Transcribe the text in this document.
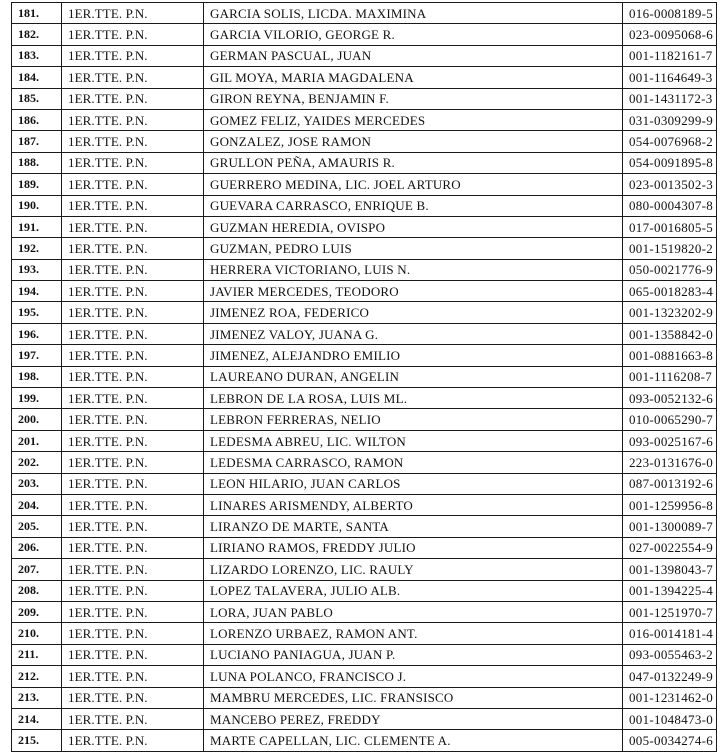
181.	1ER.TTE. P.N.	GARCIA SOLIS, LICDA. MAXIMINA	016-0008189-5
182.	1ER.TTE. P.N.	GARCIA VILORIO, GEORGE R.	023-0095068-6
183.	1ER.TTE. P.N.	GERMAN PASCUAL, JUAN	001-1182161-7
184.	1ER.TTE. P.N.	GIL MOYA, MARIA MAGDALENA	001-1164649-3
185.	1ER.TTE. P.N.	GIRON REYNA, BENJAMIN F.	001-1431172-3
186.	1ER.TTE. P.N.	GOMEZ FELIZ, YAIDES MERCEDES	031-0309299-9
187.	1ER.TTE. P.N.	GONZALEZ, JOSE RAMON	054-0076968-2
188.	1ER.TTE. P.N.	GRULLON PEÑA, AMAURIS R.	054-0091895-8
189.	1ER.TTE. P.N.	GUERRERO MEDINA, LIC. JOEL ARTURO	023-0013502-3
190.	1ER.TTE. P.N.	GUEVARA CARRASCO, ENRIQUE B.	080-0004307-8
191.	1ER.TTE. P.N.	GUZMAN HEREDIA, OVISPO	017-0016805-5
192.	1ER.TTE. P.N.	GUZMAN, PEDRO LUIS	001-1519820-2
193.	1ER.TTE. P.N.	HERRERA VICTORIANO, LUIS N.	050-0021776-9
194.	1ER.TTE. P.N.	JAVIER MERCEDES, TEODORO	065-0018283-4
195.	1ER.TTE. P.N.	JIMENEZ ROA, FEDERICO	001-1323202-9
196.	1ER.TTE. P.N.	JIMENEZ VALOY, JUANA G.	001-1358842-0
197.	1ER.TTE. P.N.	JIMENEZ, ALEJANDRO EMILIO	001-0881663-8
198.	1ER.TTE. P.N.	LAUREANO DURAN, ANGELIN	001-1116208-7
199.	1ER.TTE. P.N.	LEBRON DE LA ROSA, LUIS ML.	093-0052132-6
200.	1ER.TTE. P.N.	LEBRON FERRERAS, NELIO	010-0065290-7
201.	1ER.TTE. P.N.	LEDESMA ABREU, LIC. WILTON	093-0025167-6
202.	1ER.TTE. P.N.	LEDESMA CARRASCO, RAMON	223-0131676-0
203.	1ER.TTE. P.N.	LEON HILARIO, JUAN CARLOS	087-0013192-6
204.	1ER.TTE. P.N.	LINARES ARISMENDY, ALBERTO	001-1259956-8
205.	1ER.TTE. P.N.	LIRANZO DE MARTE, SANTA	001-1300089-7
206.	1ER.TTE. P.N.	LIRIANO RAMOS, FREDDY JULIO	027-0022554-9
207.	1ER.TTE. P.N.	LIZARDO LORENZO, LIC. RAULY	001-1398043-7
208.	1ER.TTE. P.N.	LOPEZ TALAVERA, JULIO ALB.	001-1394225-4
209.	1ER.TTE. P.N.	LORA, JUAN PABLO	001-1251970-7
210.	1ER.TTE. P.N.	LORENZO URBAEZ, RAMON ANT.	016-0014181-4
211.	1ER.TTE. P.N.	LUCIANO PANIAGUA, JUAN P.	093-0055463-2
212.	1ER.TTE. P.N.	LUNA POLANCO, FRANCISCO J.	047-0132249-9
213.	1ER.TTE. P.N.	MAMBRU MERCEDES, LIC. FRANSISCO	001-1231462-0
214.	1ER.TTE. P.N.	MANCEBO PEREZ, FREDDY	001-1048473-0
215.	1ER.TTE. P.N.	MARTE CAPELLAN, LIC. CLEMENTE A.	005-0034274-6
